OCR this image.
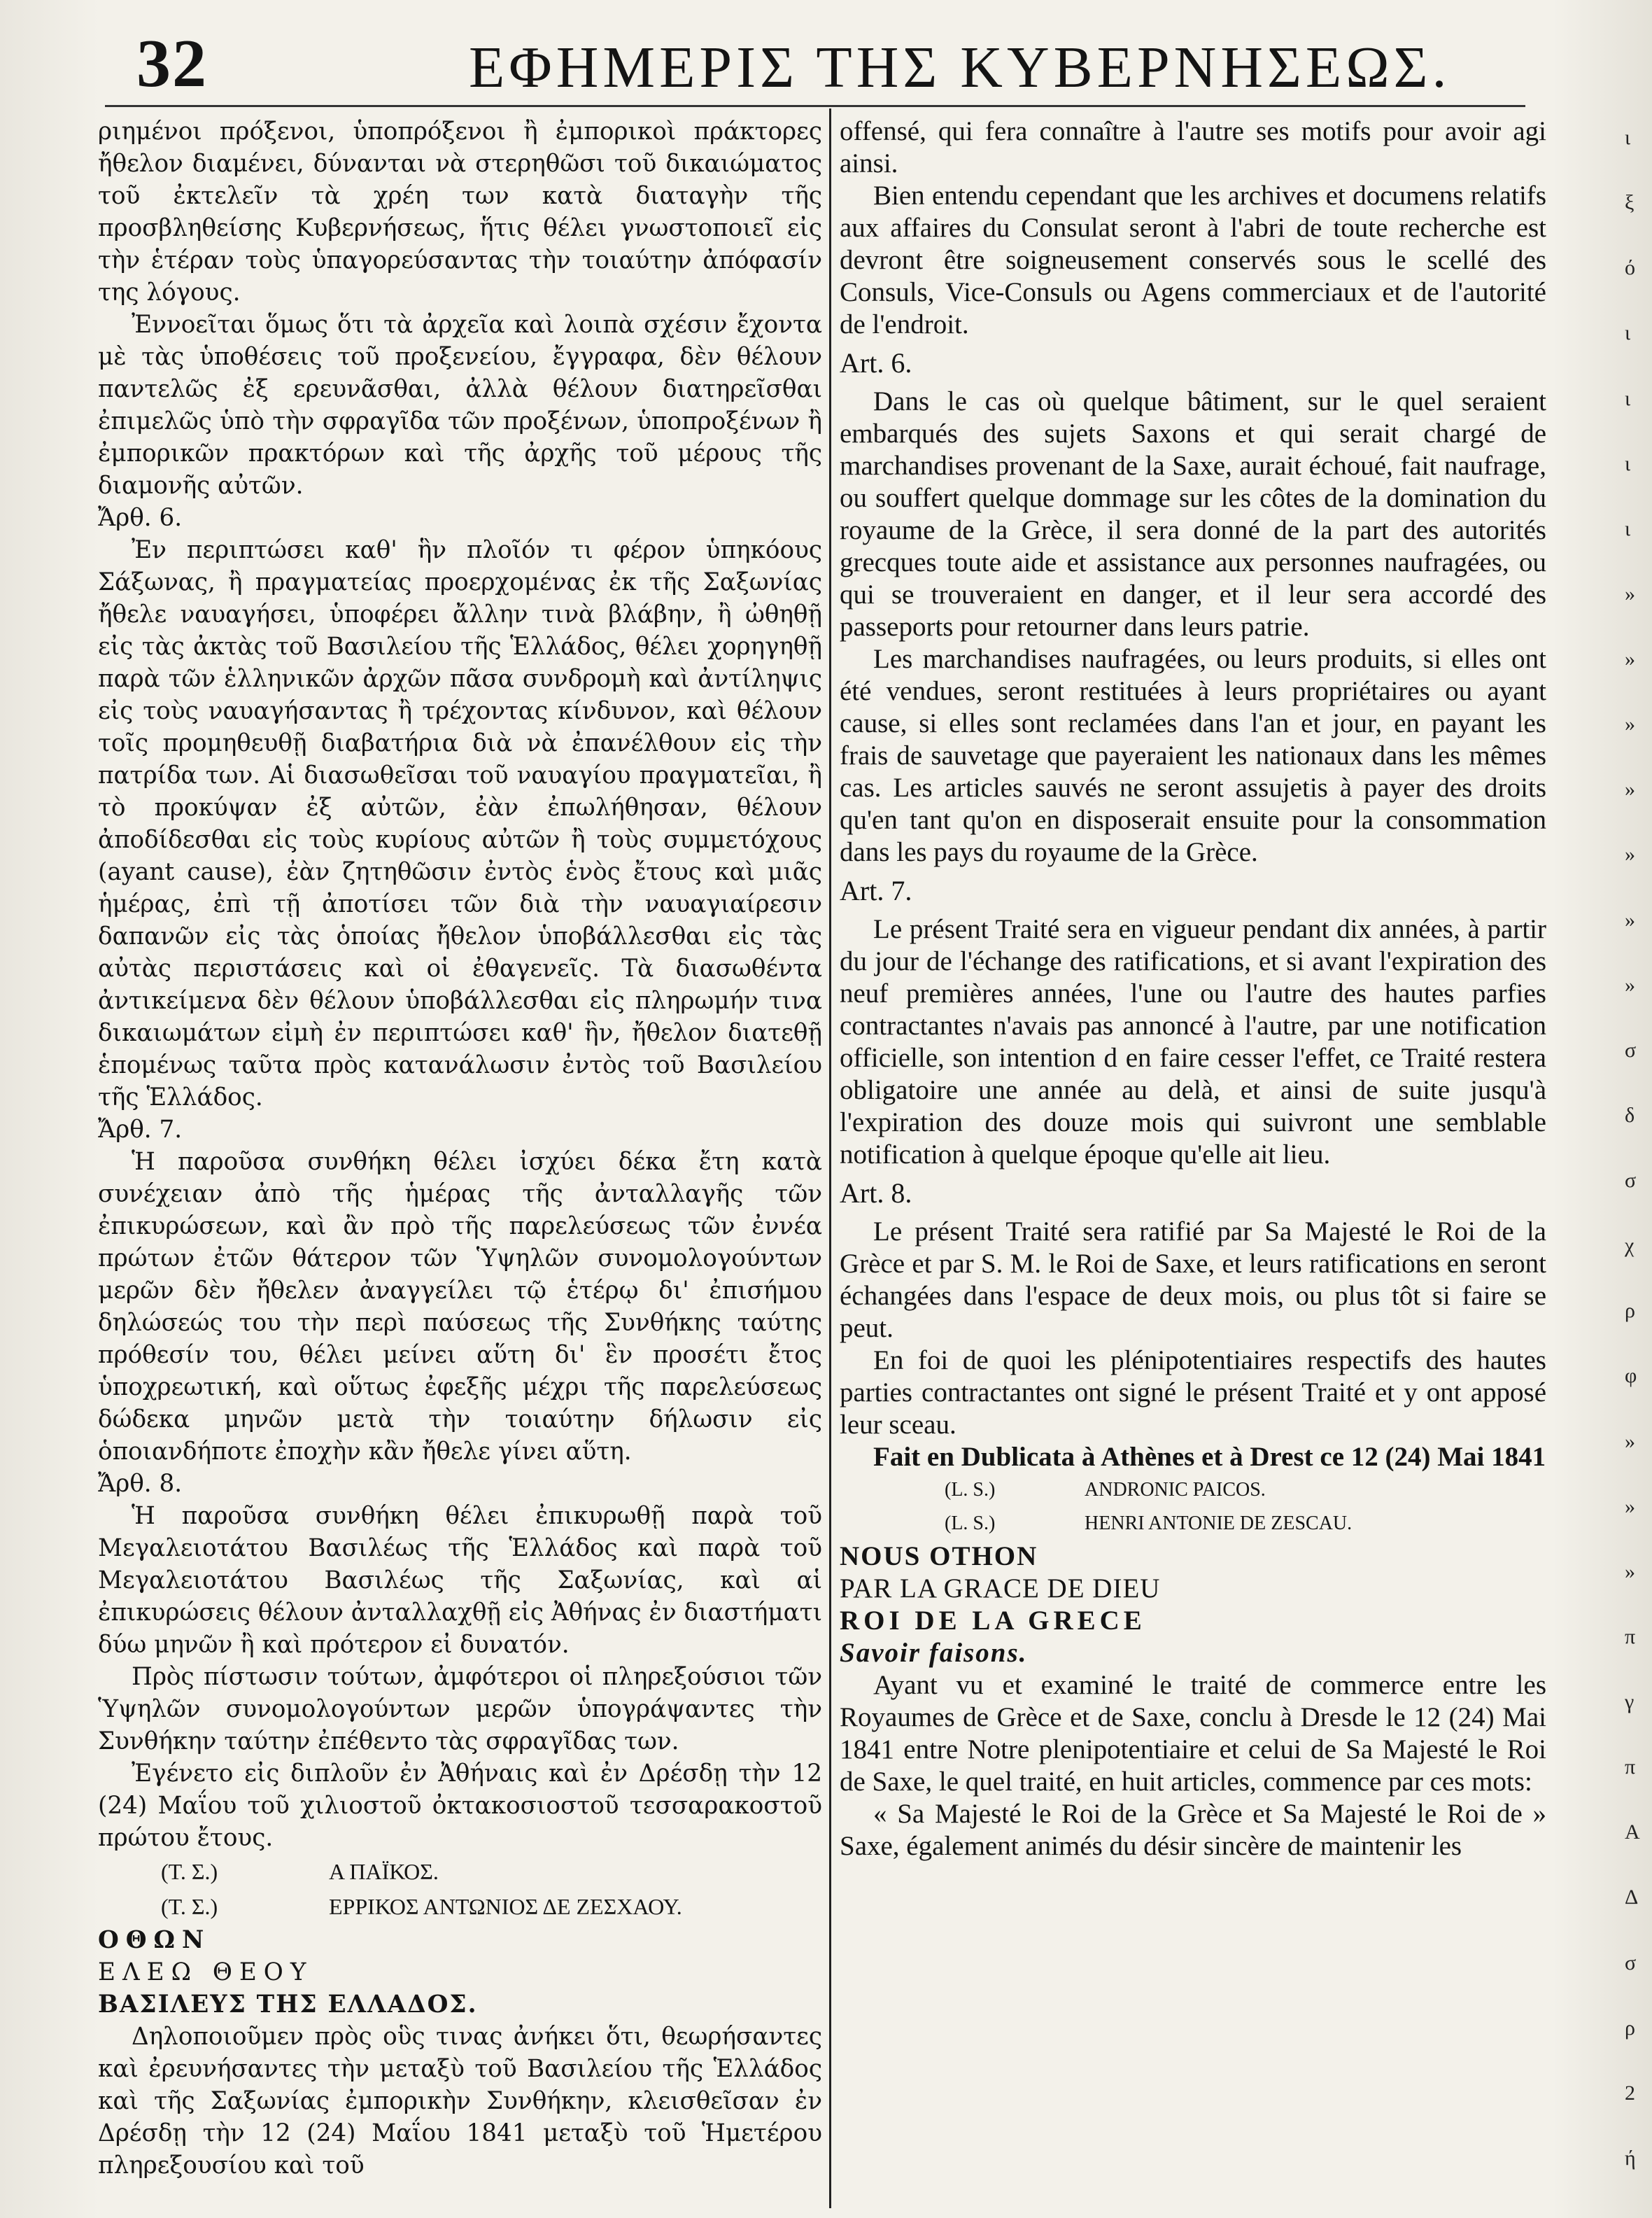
32	ΕΦΗΜΕΡΙΣ ΤΗΣ ΚΥΒΕΡΝΗΣΕΩΣ.

ριημένοι πρόξενοι, ὑποπρόξενοι ἢ ἐμπορικοὶ πράκτορες ἤθελον διαμένει, δύνανται νὰ στερηθῶσι τοῦ δικαιώματος τοῦ ἐκτελεῖν τὰ χρέη των κατὰ διαταγὴν τῆς προσβληθείσης Κυβερνήσεως, ἥτις θέλει γνωστοποιεῖ εἰς τὴν ἑτέραν τοὺς ὑπαγορεύσαντας τὴν τοιαύτην ἀπόφασίν της λόγους.

Ἐννοεῖται ὅμως ὅτι τὰ ἀρχεῖα καὶ λοιπὰ σχέσιν ἔχοντα μὲ τὰς ὑποθέσεις τοῦ προξενείου, ἔγγραφα, δὲν θέλουν παντελῶς ἐξ ερευνᾶσθαι, ἀλλὰ θέλουν διατηρεῖσθαι ἐπιμελῶς ὑπὸ τὴν σφραγῖδα τῶν προξένων, ὑποπροξένων ἢ ἐμπορικῶν πρακτόρων καὶ τῆς ἀρχῆς τοῦ μέρους τῆς διαμονῆς αὐτῶν.

Ἄρθ. 6.

Ἐν περιπτώσει καθ' ἣν πλοῖόν τι φέρον ὑπηκόους Σάξωνας, ἢ πραγματείας προερχομένας ἐκ τῆς Σαξωνίας ἤθελε ναυαγήσει, ὑποφέρει ἄλλην τινὰ βλάβην, ἢ ὠθηθῇ εἰς τὰς ἀκτὰς τοῦ Βασιλείου τῆς Ἑλλάδος, θέλει χορηγηθῇ παρὰ τῶν ἑλληνικῶν ἀρχῶν πᾶσα συνδρομὴ καὶ ἀντίληψις εἰς τοὺς ναυαγήσαντας ἢ τρέχοντας κίνδυνον, καὶ θέλουν τοῖς προμηθευθῇ διαβατήρια διὰ νὰ ἐπανέλθουν εἰς τὴν πατρίδα των. Αἱ διασωθεῖσαι τοῦ ναυαγίου πραγματεῖαι, ἢ τὸ προκύψαν ἐξ αὐτῶν, ἐὰν ἐπωλήθησαν, θέλουν ἀποδίδεσθαι εἰς τοὺς κυρίους αὐτῶν ἢ τοὺς συμμετόχους (ayant cause), ἐὰν ζητηθῶσιν ἐντὸς ἑνὸς ἔτους καὶ μιᾶς ἡμέρας, ἐπὶ τῇ ἀποτίσει τῶν διὰ τὴν ναυαγιαίρεσιν δαπανῶν εἰς τὰς ὁποίας ἤθελον ὑποβάλλεσθαι εἰς τὰς αὐτὰς περιστάσεις καὶ οἱ ἐθαγενεῖς. Τὰ διασωθέντα ἀντικείμενα δὲν θέλουν ὑποβάλλεσθαι εἰς πληρωμήν τινα δικαιωμάτων εἰμὴ ἐν περιπτώσει καθ' ἣν, ἤθελον διατεθῇ ἑπομένως ταῦτα πρὸς κατανάλωσιν ἐντὸς τοῦ Βασιλείου τῆς Ἑλλάδος.

Ἄρθ. 7.

Ἡ παροῦσα συνθήκη θέλει ἰσχύει δέκα ἔτη κατὰ συνέχειαν ἀπὸ τῆς ἡμέρας τῆς ἀνταλλαγῆς τῶν ἐπικυρώσεων, καὶ ἂν πρὸ τῆς παρελεύσεως τῶν ἐννέα πρώτων ἐτῶν θάτερον τῶν Ὑψηλῶν συνομολογούντων μερῶν δὲν ἤθελεν ἀναγγείλει τῷ ἑτέρῳ δι' ἐπισήμου δηλώσεώς του τὴν περὶ παύσεως τῆς Συνθήκης ταύτης πρόθεσίν του, θέλει μείνει αὕτη δι' ἓν προσέτι ἔτος ὑποχρεωτική, καὶ οὕτως ἐφεξῆς μέχρι τῆς παρελεύσεως δώδεκα μηνῶν μετὰ τὴν τοιαύτην δήλωσιν εἰς ὁποιανδήποτε ἐποχὴν κἂν ἤθελε γίνει αὕτη.

Ἄρθ. 8.

Ἡ παροῦσα συνθήκη θέλει ἐπικυρωθῇ παρὰ τοῦ Μεγαλειοτάτου Βασιλέως τῆς Ἑλλάδος καὶ παρὰ τοῦ Μεγαλειοτάτου Βασιλέως τῆς Σαξωνίας, καὶ αἱ ἐπικυρώσεις θέλουν ἀνταλλαχθῇ εἰς Ἀθήνας ἐν διαστήματι δύω μηνῶν ἢ καὶ πρότερον εἰ δυνατόν.

Πρὸς πίστωσιν τούτων, ἀμφότεροι οἱ πληρεξούσιοι τῶν Ὑψηλῶν συνομολογούντων μερῶν ὑπογράψαντες τὴν Συνθήκην ταύτην ἐπέθεντο τὰς σφραγῖδας των.

Ἐγένετο εἰς διπλοῦν ἐν Ἀθήναις καὶ ἐν Δρέσδῃ τὴν 12 (24) Μαΐου τοῦ χιλιοστοῦ ὀκτακοσιοστοῦ τεσσαρακοστοῦ πρώτου ἔτους.

(Τ. Σ.)	Α ΠΑΪΚΟΣ.
(Τ. Σ.)	ΕΡΡΙΚΟΣ ΑΝΤΩΝΙΟΣ ΔΕ ΖΕΣΧΑΟΥ.

ΟΘΩΝ

ΕΛΕΩ ΘΕΟΥ

ΒΑΣΙΛΕΥΣ ΤΗΣ ΕΛΛΑΔΟΣ.

Δηλοποιοῦμεν πρὸς οὓς τινας ἀνήκει ὅτι, θεωρήσαντες καὶ ἐρευνήσαντες τὴν μεταξὺ τοῦ Βασιλείου τῆς Ἑλλάδος καὶ τῆς Σαξωνίας ἐμπορικὴν Συνθήκην, κλεισθεῖσαν ἐν Δρέσδῃ τὴν 12 (24) Μαΐου 1841 μεταξὺ τοῦ Ἡμετέρου πληρεξουσίου καὶ τοῦ

offensé, qui fera connaître à l'autre ses motifs pour avoir agi ainsi.

Bien entendu cependant que les archives et documens relatifs aux affaires du Consulat seront à l'abri de toute recherche est devront être soigneusement conservés sous le scellé des Consuls, Vice-Consuls ou Agens commerciaux et de l'autorité de l'endroit.

Art. 6.

Dans le cas où quelque bâtiment, sur le quel seraient embarqués des sujets Saxons et qui serait chargé de marchandises provenant de la Saxe, aurait échoué, fait naufrage, ou souffert quelque dommage sur les côtes de la domination du royaume de la Grèce, il sera donné de la part des autorités grecques toute aide et assistance aux personnes naufragées, ou qui se trouveraient en danger, et il leur sera accordé des passeports pour retourner dans leurs patrie.

Les marchandises naufragées, ou leurs produits, si elles ont été vendues, seront restituées à leurs propriétaires ou ayant cause, si elles sont reclamées dans l'an et jour, en payant les frais de sauvetage que payeraient les nationaux dans les mêmes cas. Les articles sauvés ne seront assujetis à payer des droits qu'en tant qu'on en disposerait ensuite pour la consommation dans les pays du royaume de la Grèce.

Art. 7.

Le présent Traité sera en vigueur pendant dix années, à partir du jour de l'échange des ratifications, et si avant l'expiration des neuf premières années, l'une ou l'autre des hautes parfies contractantes n'avais pas annoncé à l'autre, par une notification officielle, son intention d en faire cesser l'effet, ce Traité restera obligatoire une année au delà, et ainsi de suite jusqu'à l'expiration des douze mois qui suivront une semblable notification à quelque époque qu'elle ait lieu.

Art. 8.

Le présent Traité sera ratifié par Sa Majesté le Roi de la Grèce et par S. M. le Roi de Saxe, et leurs ratifications en seront échangées dans l'espace de deux mois, ou plus tôt si faire se peut.

En foi de quoi les plénipotentiaires respectifs des hautes parties contractantes ont signé le présent Traité et y ont apposé leur sceau.

Fait en Dublicata à Athènes et à Drest ce 12 (24) Mai 1841

(L. S.)	ANDRONIC PAICOS.
(L. S.)	HENRI ANTONIE DE ZESCAU.

NOUS OTHON

PAR LA GRACE DE DIEU

ROI DE LA GRECE

Savoir faisons.

Ayant vu et examiné le traité de commerce entre les Royaumes de Grèce et de Saxe, conclu à Dresde le 12 (24) Mai 1841 entre Notre plenipotentiaire et celui de Sa Majesté le Roi de Saxe, le quel traité, en huit articles, commence par ces mots:

« Sa Majesté le Roi de la Grèce et Sa Majesté le Roi de » Saxe, également animés du désir sincère de maintenir les

ι
ξ
ό
ι
ι
ι
ι
»
»
»
»
»
»
»
σ
δ
σ
χ
ρ
φ
»
»
»
π
γ
π
Α
Δ
σ
ρ
2
ή
